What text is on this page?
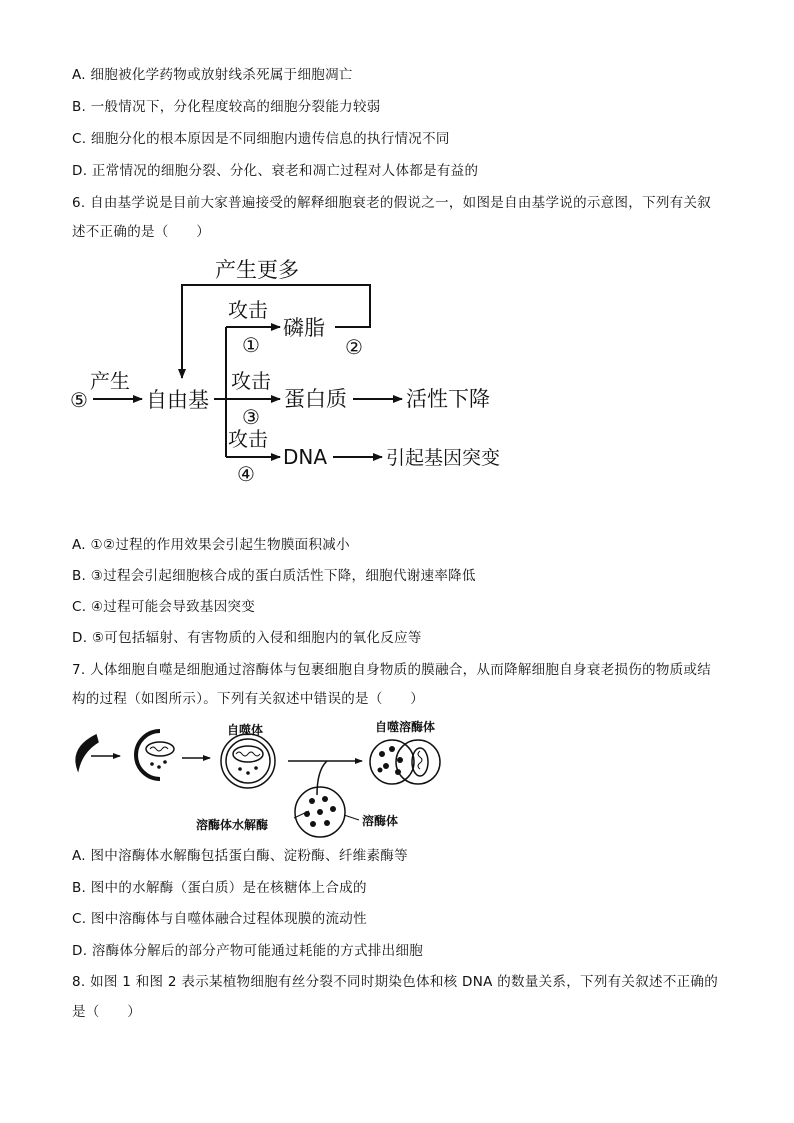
A. 细胞被化学药物或放射线杀死属于细胞凋亡
B. 一般情况下，分化程度较高的细胞分裂能力较弱
C. 细胞分化的根本原因是不同细胞内遗传信息的执行情况不同
D. 正常情况的细胞分裂、分化、衰老和凋亡过程对人体都是有益的
6. 自由基学说是目前大家普遍接受的解释细胞衰老的假说之一，如图是自由基学说的示意图，下列有关叙
述不正确的是（　　）
产生更多
产生
⑤	自由基
攻击
磷脂
①	②
攻击
蛋白质
③
活性下降
攻击
DNA
④
引起基因突变
A. ①②过程的作用效果会引起生物膜面积减小
B. ③过程会引起细胞核合成的蛋白质活性下降，细胞代谢速率降低
C. ④过程可能会导致基因突变
D. ⑤可包括辐射、有害物质的入侵和细胞内的氧化反应等
7. 人体细胞自噬是细胞通过溶酶体与包裹细胞自身物质的膜融合，从而降解细胞自身衰老损伤的物质或结
构的过程（如图所示）。下列有关叙述中错误的是（　　）
自噬体	自噬溶酶体
溶酶体水解酶	溶酶体
A. 图中溶酶体水解酶包括蛋白酶、淀粉酶、纤维素酶等
B. 图中的水解酶（蛋白质）是在核糖体上合成的
C. 图中溶酶体与自噬体融合过程体现膜的流动性
D. 溶酶体分解后的部分产物可能通过耗能的方式排出细胞
8. 如图 1 和图 2 表示某植物细胞有丝分裂不同时期染色体和核 DNA 的数量关系，下列有关叙述不正确的
是（　　）
